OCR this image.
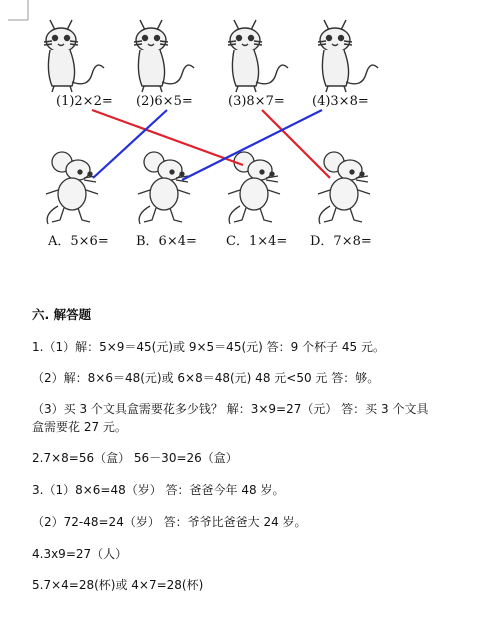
(1)2×2= (2)6×5=	(3)8×7= (4)3×8=
A．5×6= B．6×4= C．1×4= D．7×8=
六. 解答题
1.（1）解：5×9＝45(元)或 9×5＝45(元) 答：9 个杯子 45 元。
（2）解：8×6＝48(元)或 6×8＝48(元) 48 元<50 元 答：够。
（3）买 3 个文具盒需要花多少钱？ 解：3×9=27（元） 答：买 3 个文具
盒需要花 27 元。
2.7×8=56（盒） 56－30=26（盒）
3.（1）8×6=48（岁） 答：爸爸今年 48 岁。
（2）72-48=24（岁） 答：爷爷比爸爸大 24 岁。
4.3x9=27（人）
5.7×4=28(杯)或 4×7=28(杯)
